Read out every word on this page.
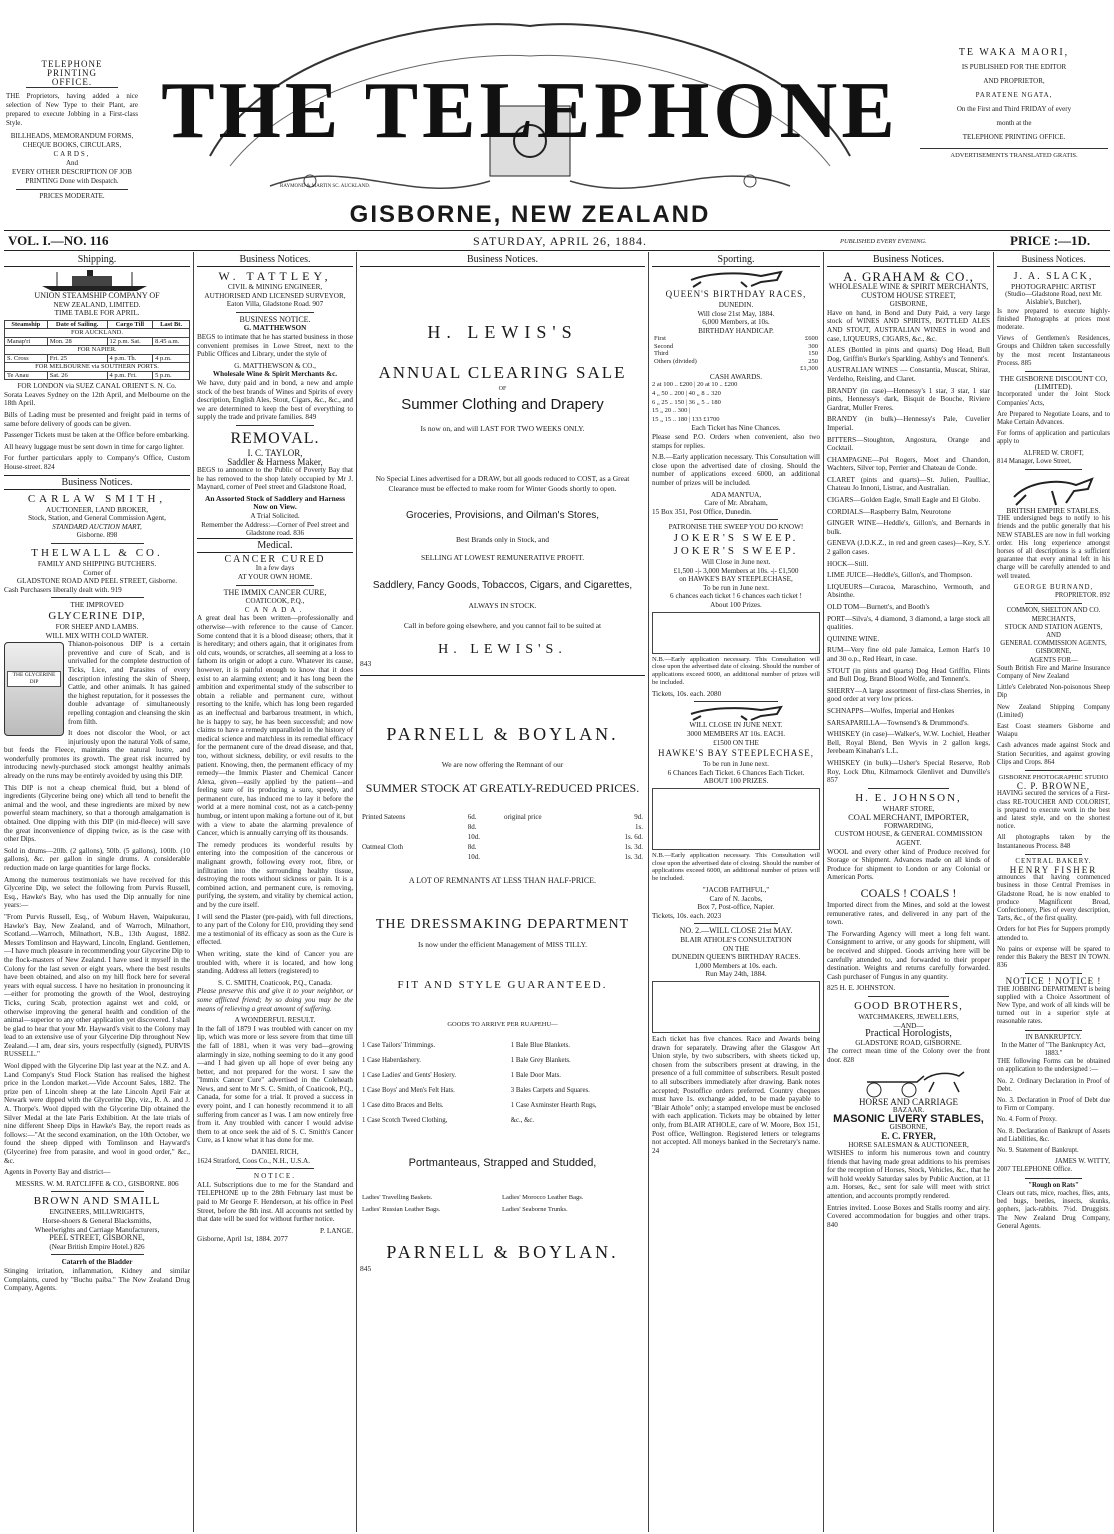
TELEPHONE
PRINTING OFFICE.

THE Proprietors, having added a nice selection of New Type to their Plant, are prepared to execute Jobbing in a First-class Style.

BILLHEADS, MEMORANDUM FORMS,
CHEQUE BOOKS, CIRCULARS,
CARDS,
And
EVERY OTHER DESCRIPTION OF JOB PRINTING Done with Despatch.
PRICES MODERATE.
THE TELEPHONE
RAYMOND & MARTIN SC. AUCKLAND.
GISBORNE, NEW ZEALAND
TE WAKA MAORI,
IS PUBLISHED FOR THE EDITOR
AND PROPRIETOR,
PARATENE NGATA,
On the First and Third FRIDAY of every
month at the
TELEPHONE PRINTING OFFICE.
ADVERTISEMENTS TRANSLATED GRATIS.
VOL. I.—NO. 116	SATURDAY, APRIL 26, 1884.	PUBLISHED EVERY EVENING.	PRICE :—1D.
Shipping.
UNION STEAMSHIP COMPANY OF
NEW ZEALAND, LIMITED.
TIME TABLE FOR APRIL.
Steamship	Date of Sailing.	Cargo Till	Last Bt.
FOR AUCKLAND.			
Manap'ri	Mon. 28	12 p.m. Sat.	8.45 a.m.
FOR NAPIER.			
S. Cross	Fri. 25	4 p.m. Th.	4 p.m.
FOR MELBOURNE via SOUTHERN PORTS.			
Te Anau	Sat. 26	4 p.m. Fri.	5 p.m.
FOR LONDON via SUEZ CANAL ORIENT S. N. Co.

Sorata Leaves Sydney on the 12th April, and Melbourne on the 18th April.

Bills of Lading must be presented and freight paid in terms of same before delivery of goods can be given.

Passenger Tickets must be taken at the Office before embarking.

All heavy luggage must be sent down in time for cargo lighter.

For further particulars apply to Company's Office, Custom House-street. 824

Business Notices.
CARLAW SMITH,
AUCTIONEER, LAND BROKER,
Stock, Station, and General Commission Agent,
STANDARD AUCTION MART,
Gisborne. 898
THELWALL & CO.
FAMILY AND SHIPPING BUTCHERS.
Corner of
GLADSTONE ROAD AND PEEL STREET, Gisborne.
Cash Purchasers liberally dealt with. 919
THE IMPROVED
GLYCERINE DIP,
FOR SHEEP AND LAMBS.
WILL MIX WITH COLD WATER.
THE GLYCERINE DIP

Thianon-poisonous DIP is a certain preventive and cure of Scab, and is unrivalled for the complete destruction of Ticks, Lice, and Parasites of every description infesting the skin of Sheep, Cattle, and other animals. It has gained the highest reputation, for it possesses the double advantage of simultaneously repelling contagion and cleansing the skin from filth.

It does not discolor the Wool, or act injuriously upon the natural Yolk of same, but feeds the Fleece, maintains the natural lustre, and wonderfully promotes its growth. The great risk incurred by introducing newly-purchased stock amongst healthy animals already on the runs may be entirely avoided by using this DIP.

This DIP is not a cheap chemical fluid, but a blend of ingredients (Glycerine being one) which all tend to benefit the animal and the wool, and these ingredients are mixed by new powerful steam machinery, so that a thorough amalgamation is obtained. One dipping with this DIP (in mid-fleece) will save the great inconvenience of dipping twice, as is the case with other Dips.

Sold in drums—20lb. (2 gallons), 50lb. (5 gallons), 100lb. (10 gallons), &c. per gallon in single drums. A considerable reduction made on large quantities for large flocks.

Among the numerous testimonials we have received for this Glycerine Dip, we select the following from Purvis Russell, Esq., Hawke's Bay, who has used the Dip annually for nine years:—

"From Purvis Russell, Esq., of Woburn Haven, Waipukurau, Hawke's Bay, New Zealand, and of Warroch, Milnathort, Scotland.—Warroch, Milnathort, N.B., 13th August, 1882. Messrs Tomlinson and Hayward, Lincoln, England. Gentlemen,—I have much pleasure in recommending your Glycerine Dip to the flock-masters of New Zealand. I have used it myself in the Colony for the last seven or eight years, where the best results have been obtained, and also on my hill flock here for several years with equal success. I have no hesitation in pronouncing it—either for promoting the growth of the Wool, destroying Ticks, curing Scab, protection against wet and cold, or otherwise improving the general health and condition of the animal—superior to any other application yet discovered. I shall be glad to hear that your Mr. Hayward's visit to the Colony may lead to an extensive use of your Glycerine Dip throughout New Zealand.—I am, dear sirs, yours respectfully (signed), PURVIS RUSSELL."

Wool dipped with the Glycerine Dip last year at the N.Z. and A. Land Company's Stud Flock Station has realised the highest price in the London market.—Vide Account Sales, 1882. The prize pen of Lincoln sheep at the late Lincoln April Fair at Newark were dipped with the Glycerine Dip, viz., R. A. and J. A. Thorpe's. Wool dipped with the Glycerine Dip obtained the Silver Medal at the late Paris Exhibition. At the late trials of nine different Sheep Dips in Hawke's Bay, the report reads as follows:—"At the second examination, on the 10th October, we found the sheep dipped with Tomlinson and Hayward's (Glycerine) free from parasite, and wool in good order," &c., &c.

Agents in Poverty Bay and district—

MESSRS. W. M. RATCLIFFE & CO., GISBORNE. 806
BROWN AND SMAILL
ENGINEERS, MILLWRIGHTS,
Horse-shoers & General Blacksmiths,
Wheelwrights and Carriage Manufacturers,
PEEL STREET, GISBORNE,
(Near British Empire Hotel.) 826
Catarrh of the Bladder

Stinging irritation, inflammation, Kidney and similar Complaints, cured by "Buchu paiba." The New Zealand Drug Company, Agents.

Business Notices.
W. TATTLEY,
CIVIL & MINING ENGINEER,
AUTHORISED AND LICENSED SURVEYOR,
Eaton Villa, Gladstone Road. 907
BUSINESS NOTICE.
G. MATTHEWSON

BEGS to intimate that he has started business in those convenient premises in Lowe Street, next to the Public Offices and Library, under the style of

G. MATTHEWSON & CO.,
Wholesale Wine & Spirit Merchants &c.

We have, duty paid and in bond, a new and ample stock of the best brands of Wines and Spirits of every description, English Ales, Stout, Cigars, &c., &c., and we are determined to keep the best of everything to supply the trade and private families. 849

REMOVAL.
I. C. TAYLOR,
Saddler & Harness Maker,

BEGS to announce to the Public of Poverty Bay that he has removed to the shop lately occupied by Mr J. Maynard, corner of Peel street and Gladstone Road,

An Assorted Stock of Saddlery and Harness Now on View.
A Trial Solicited.
Remember the Address:—Corner of Peel street and Gladstone road. 836
Medical.
CANCER CURED
In a few days
AT YOUR OWN HOME.
THE IMMIX CANCER CURE,
COATICOOK, P.Q.,
CANADA.

A great deal has been written—professionally and otherwise—with reference to the cause of Cancer. Some contend that it is a blood disease; others, that it is hereditary; and others again, that it originates from old cuts, wounds, or scratches, all seeming at a loss to fathom its origin or adopt a cure. Whatever its cause, however, it is painful enough to know that it does exist to an alarming extent; and it has long been the ambition and experimental study of the subscriber to obtain a reliable and permanent cure, without resorting to the knife, which has long been regarded as an ineffectual and barbarous treatment, in which, he is happy to say, he has been successful; and now claims to have a remedy unparalleled in the history of medical science and matchless in its remedial efficacy for the permanent cure of the dread disease, and that, too, without sickness, debility, or evil results to the patient. Knowing, then, the permanent efficacy of my remedy—the Immix Plaster and Chemical Cancer Alexa, given—easily applied by the patient—and feeling sure of its producing a sure, speedy, and permanent cure, has induced me to lay it before the world at a mere nominal cost, not as a catch-penny humbug, or intent upon making a fortune out of it, but with a view to abate the alarming prevalence of Cancer, which is annually carrying off its thousands.

The remedy produces its wonderful results by entering into the composition of the cancerous or malignant growth, following every root, fibre, or infiltration into the surrounding healthy tissue, destroying the roots without sickness or pain. It is a combined action, and permanent cure, is removing, purifying, the system, and vitality by chemical action, and by the cure itself.

I will send the Plaster (pre-paid), with full directions, to any part of the Colony for £10, providing they send me a testimonial of its efficacy as soon as the Cure is effected.

When writing, state the kind of Cancer you are troubled with, where it is located, and how long standing. Address all letters (registered) to

S. C. SMITH, Coaticook, P.Q., Canada.

Please preserve this and give it to your neighbor, or some afflicted friend; by so doing you may be the means of relieving a great amount of suffering.

A WONDERFUL RESULT.

In the fall of 1879 I was troubled with cancer on my lip, which was more or less severe from that time till the fall of 1881, when it was very bad—growing alarmingly in size, nothing seeming to do it any good—and I had given up all hope of ever being any better, and not prepared for the worst. I saw the "Immix Cancer Cure" advertised in the Coleheath News, and sent to Mr S. C. Smith, of Coaticook, P.Q., Canada, for some for a trial. It proved a success in every point, and I can honestly recommend it to all suffering from cancer as I was. I am now entirely free from it. Any troubled with cancer I would advise them to at once seek the aid of S. C. Smith's Cancer Cure, as I know what it has done for me.

DANIEL RICH,
1624 Stratford, Coos Co., N.H., U.S.A.
NOTICE.

ALL Subscriptions due to me for the Standard and TELEPHONE up to the 28th February last must be paid to Mr George F. Henderson, at his office in Peel Street, before the 8th inst. All accounts not settled by that date will be sued for without further notice.

P. LANGE.
Gisborne, April 1st, 1884. 2077
Business Notices.
H. LEWIS'S
ANNUAL CLEARING SALE
OF
Summer Clothing and Drapery
Is now on, and will LAST FOR TWO WEEKS ONLY.

No Special Lines advertised for a DRAW, but all goods reduced to COST, as a Great Clearance must be effected to make room for Winter Goods shortly to open.

Groceries, Provisions, and Oilman's Stores,
Best Brands only in Stock, and
SELLING AT LOWEST REMUNERATIVE PROFIT.
Saddlery, Fancy Goods, Tobaccos, Cigars, and Cigarettes,
ALWAYS IN STOCK.
Call in before going elsewhere, and you cannot fail to be suited at
H. LEWIS'S.
843
PARNELL & BOYLAN.
We are now offering the Remnant of our
SUMMER STOCK AT GREATLY-REDUCED PRICES.
Printed Sateens	6d.	original price	9d.
	8d.		1s.
	10d.		1s. 6d.
Oatmeal Cloth	8d.		1s. 3d.
	10d.		1s. 3d.
A LOT OF REMNANTS AT LESS THAN HALF-PRICE.
THE DRESSMAKING DEPARTMENT
Is now under the efficient Management of MISS TILLY.
FIT AND STYLE GUARANTEED.
GOODS TO ARRIVE PER RUAPEHU—
1 Case Tailors' Trimmings.	1 Bale Blue Blankets.
1 Case Haberdashery.	1 Bale Grey Blankets.
1 Case Ladies' and Gents' Hosiery.	1 Bale Door Mats.
1 Case Boys' and Men's Felt Hats.	3 Bales Carpets and Squares.
1 Case ditto Braces and Belts.	1 Case Axminster Hearth Rugs,
1 Case Scotch Tweed Clothing,	&c., &c.
Portmanteaus, Strapped and Studded,
Ladies' Travelling Baskets.	Ladies' Morocco Leather Bags.
Ladies' Russian Leather Bags.	Ladies' Seaborne Trunks.
PARNELL & BOYLAN.
845
Sporting.
QUEEN'S BIRTHDAY RACES,
DUNEDIN.
Will close 21st May, 1884.
6,000 Members, at 10s.
BIRTHDAY HANDICAP.
First	£600
Second	300
Third	150
Others (divided)	250
	£1,300
CASH AWARDS.
2 at 100 .. £200 | 20 at 10 .. £200
4 „ 50 .. 200 | 40 „ 8 .. 320
6 „ 25 .. 150 | 36 „ 5 .. 180
15 „ 20 .. 300 |
15 „ 15 .. 180 | 133 £1700
Each Ticket has Nine Chances.

Please send P.O. Orders when convenient, also two stamps for replies.

N.B.—Early application necessary. This Consultation will close upon the advertised date of closing. Should the number of applications exceed 6000, an additional number of prizes will be included.

ADA MANTUA,
Care of Mr. Abraham,
15 Box 351, Post Office, Dunedin.
PATRONISE THE SWEEP YOU DO KNOW!
JOKER'S SWEEP.
JOKER'S SWEEP.
Will Close in June next.
£1,500 -|- 3,000 Members at 10s. -|- £1,500
on HAWKE'S BAY STEEPLECHASE,
To be run in June next.
6 chances each ticket ! 6 chances each ticket !
About 100 Prizes.

N.B.—Early application necessary. This Consultation will close upon the advertised date of closing. Should the number of applications exceed 6000, an additional number of prizes will be included.

Tickets, 10s. each. 2080
WILL CLOSE IN JUNE NEXT.
3000 MEMBERS AT 10s. EACH.
£1500 ON THE
HAWKE'S BAY STEEPLECHASE,
To be run in June next.
6 Chances Each Ticket. 6 Chances Each Ticket.
ABOUT 100 PRIZES.

N.B.—Early application necessary. This Consultation will close upon the advertised date of closing. Should the number of applications exceed 6000, an additional number of prizes will be included.

"JACOB FAITHFUL,"
Care of N. Jacobs,
Box 7, Post-office, Napier.
Tickets, 10s. each. 2023
NO. 2.—WILL CLOSE 21st MAY.
BLAIR ATHOLE'S CONSULTATION
ON THE
DUNEDIN QUEEN'S BIRTHDAY RACES.
1,000 Members at 10s. each.
Run May 24th, 1884.

Each ticket has five chances. Race and Awards being drawn for separately. Drawing after the Glasgow Art Union style, by two subscribers, with sheets ticked up, chosen from the subscribers present at drawing, in the presence of a full committee of subscribers. Result posted to all subscribers immediately after drawing. Bank notes accepted; Postoffice orders preferred. Country cheques must have 1s. exchange added, to be made payable to "Blair Athole" only; a stamped envelope must be enclosed with each application. Tickets may be obtained by letter only, from BLAIR ATHOLE, care of W. Moore, Box 151, Post office, Wellington. Registered letters or telegrams not accepted. All moneys banked in the Secretary's name. 24

Business Notices.
A. GRAHAM & CO.,
WHOLESALE WINE & SPIRIT MERCHANTS,
CUSTOM HOUSE STREET,
GISBORNE,

Have on hand, in Bond and Duty Paid, a very large stock of WINES AND SPIRITS, BOTTLED ALES AND STOUT, AUSTRALIAN WINES in wood and case, LIQUEURS, CIGARS, &c., &c.

ALES (Bottled in pints and quarts) Dog Head, Bull Dog, Griffin's Burke's Sparkling, Ashby's and Tennent's.

AUSTRALIAN WINES — Constantia, Muscat, Shiraz, Verdelho, Reisling, and Claret.

BRANDY (in case)—Hennessy's 1 star, 3 star, 1 star pints, Hennessy's dark, Bisquit de Bouche, Riviere Gardrat, Muller Freres.

BRANDY (in bulk)—Hennessy's Pale, Cuvelier Imperial.

BITTERS—Stoughton, Angostura, Orange and Cocktail.

CHAMPAGNE—Pol Rogers, Moet and Chandon, Wachters, Silver top, Perrier and Chateau de Conde.

CLARET (pints and quarts)—St. Julien, Paulliac, Chateau Jo Innoni, Listrac, and Australian.

CIGARS—Golden Eagle, Small Eagle and El Globo.

CORDIALS—Raspberry Balm, Neurotone

GINGER WINE—Heddle's, Gillon's, and Bernards in bulk.

GENEVA (J.D.K.Z., in red and green cases)—Key, S.Y. 2 gallon cases.

HOCK—Still.

LIME JUICE—Heddle's, Gillon's, and Thompson.

LIQUEURS—Curacoa, Maraschino, Vermouth, and Absinthe.

OLD TOM—Burnett's, and Booth's

PORT—Silva's, 4 diamond, 3 diamond, a large stock all qualities.

QUININE WINE.

RUM—Very fine old pale Jamaica, Lemon Hart's 10 and 30 o.p., Red Heart, in case.

STOUT (in pints and quarts) Dog Head Griffin, Flints and Bull Dog, Brand Blood Wolfe, and Tennent's.

SHERRY—A large assortment of first-class Sherries, in good order at very low prices.

SCHNAPPS—Wolfes, Imperial and Henkes

SARSAPARILLA—Townsend's & Drummond's.

WHISKEY (in case)—Walker's, W.W. Lochiel, Heather Bell, Royal Blend, Ben Wyvis in 2 gallon kegs, Jerebeam Kinahan's L.L.

WHISKEY (in bulk)—Usher's Special Reserve, Rob Roy, Lock Dhu, Kilmarnock Glenlivet and Dunville's 857

H. E. JOHNSON,
WHARF STORE,
COAL MERCHANT, IMPORTER,
FORWARDING,
CUSTOM HOUSE, & GENERAL COMMISSION AGENT.

WOOL and every other kind of Produce received for Storage or Shipment. Advances made on all kinds of Produce for shipment to London or any Colonial or American Ports.

COALS ! COALS !

Imported direct from the Mines, and sold at the lowest remunerative rates, and delivered in any part of the town.

The Forwarding Agency will meet a long felt want. Consignment to arrive, or any goods for shipment, will be received and shipped. Goods arriving here will be carefully attended to, and forwarded to their proper destination. Weights and returns carefully forwarded. Cash purchaser of Fungus in any quantity.

825 H. E. JOHNSTON.
GOOD BROTHERS,
WATCHMAKERS, JEWELLERS,
—AND—
Practical Horologists,
GLADSTONE ROAD, GISBORNE.

The correct mean time of the Colony over the front door. 828

HORSE AND CARRIAGE
BAZAAR.
MASONIC LIVERY STABLES,
GISBORNE,
E. C. FRYER,
HORSE SALESMAN & AUCTIONEER,

WISHES to inform his numerous town and country friends that having made great additions to his premises for the reception of Horses, Stock, Vehicles, &c., that he will hold weekly Saturday sales by Public Auction, at 11 a.m. Horses, &c., sent for sale will meet with strict attention, and accounts promptly rendered.

Entries invited. Loose Boxes and Stalls roomy and airy. Covered accommodation for buggies and other traps. 840

Business Notices.
J. A. SLACK,
PHOTOGRAPHIC ARTIST
(Studio—Gladstone Road, next Mr. Aislabie's, Butcher),

Is now prepared to execute highly-finished Photographs at prices most moderate.

Views of Gentlemen's Residences, Groups and Children taken successfully by the most recent Instantaneous Process. 885

THE GISBORNE DISCOUNT CO, (LIMITED).

Incorporated under the Joint Stock Companies' Acts,

Are Prepared to Negotiate Loans, and to Make Certain Advances.

For forms of application and particulars apply to

ALFRED W. CROFT,
814 Manager, Lowe Street,
BRITISH EMPIRE STABLES.

THE undersigned begs to notify to his friends and the public generally that his NEW STABLES are now in full working order. His long experience amongst horses of all descriptions is a sufficient guarantee that every animal left in his charge will be carefully attended to and well treated.

GEORGE BURNAND,
PROPRIETOR. 892
COMMON, SHELTON AND CO.
MERCHANTS,
STOCK AND STATION AGENTS,
AND
GENERAL COMMISSION AGENTS,
GISBORNE,
AGENTS FOR—

South British Fire and Marine Insurance Company of New Zealand

Little's Celebrated Non-poisonous Sheep Dip

New Zealand Shipping Company (Limited)

East Coast steamers Gisborne and Waiapu

Cash advances made against Stock and Station Securities, and against growing Clips and Crops. 864

GISBORNE PHOTOGRAPHIC STUDIO
C. P. BROWNE,

HAVING secured the services of a First-class RE-TOUCHER AND COLORIST, is prepared to execute work in the best and latest style, and on the shortest notice.

All photographs taken by the Instantaneous Process. 848

CENTRAL BAKERY.
HENRY FISHER

announces that having commenced business in those Central Premises in Gladstone Road, he is now enabled to produce Magnificent Bread, Confectionery, Pies of every description, Tarts, &c., of the first quality.

Orders for hot Pies for Suppers promptly attended to.

No pains or expense will be spared to render this Bakery the BEST IN TOWN. 836

NOTICE ! NOTICE !

THE JOBBING DEPARTMENT is being supplied with a Choice Assortment of New Type, and work of all kinds will be turned out in a superior style at reasonable rates.

IN BANKRUPTCY.
In the Matter of "The Bankruptcy Act, 1883."

THE following Forms can be obtained on application to the undersigned :—

No. 2. Ordinary Declaration in Proof of Debt.

No. 3. Declaration in Proof of Debt due to Firm or Company.

No. 4. Form of Proxy.

No. 8. Declaration of Bankrupt of Assets and Liabilities, &c.

No. 9. Statement of Bankrupt.

JAMES W. WITTY,
2007 TELEPHONE Office.
"Rough on Rats"

Clears out rats, mice, roaches, flies, ants, bed bugs, beetles, insects, skunks, gophers, jack-rabbits. 7½d. Druggists. The New Zealand Drug Company, General Agents.
